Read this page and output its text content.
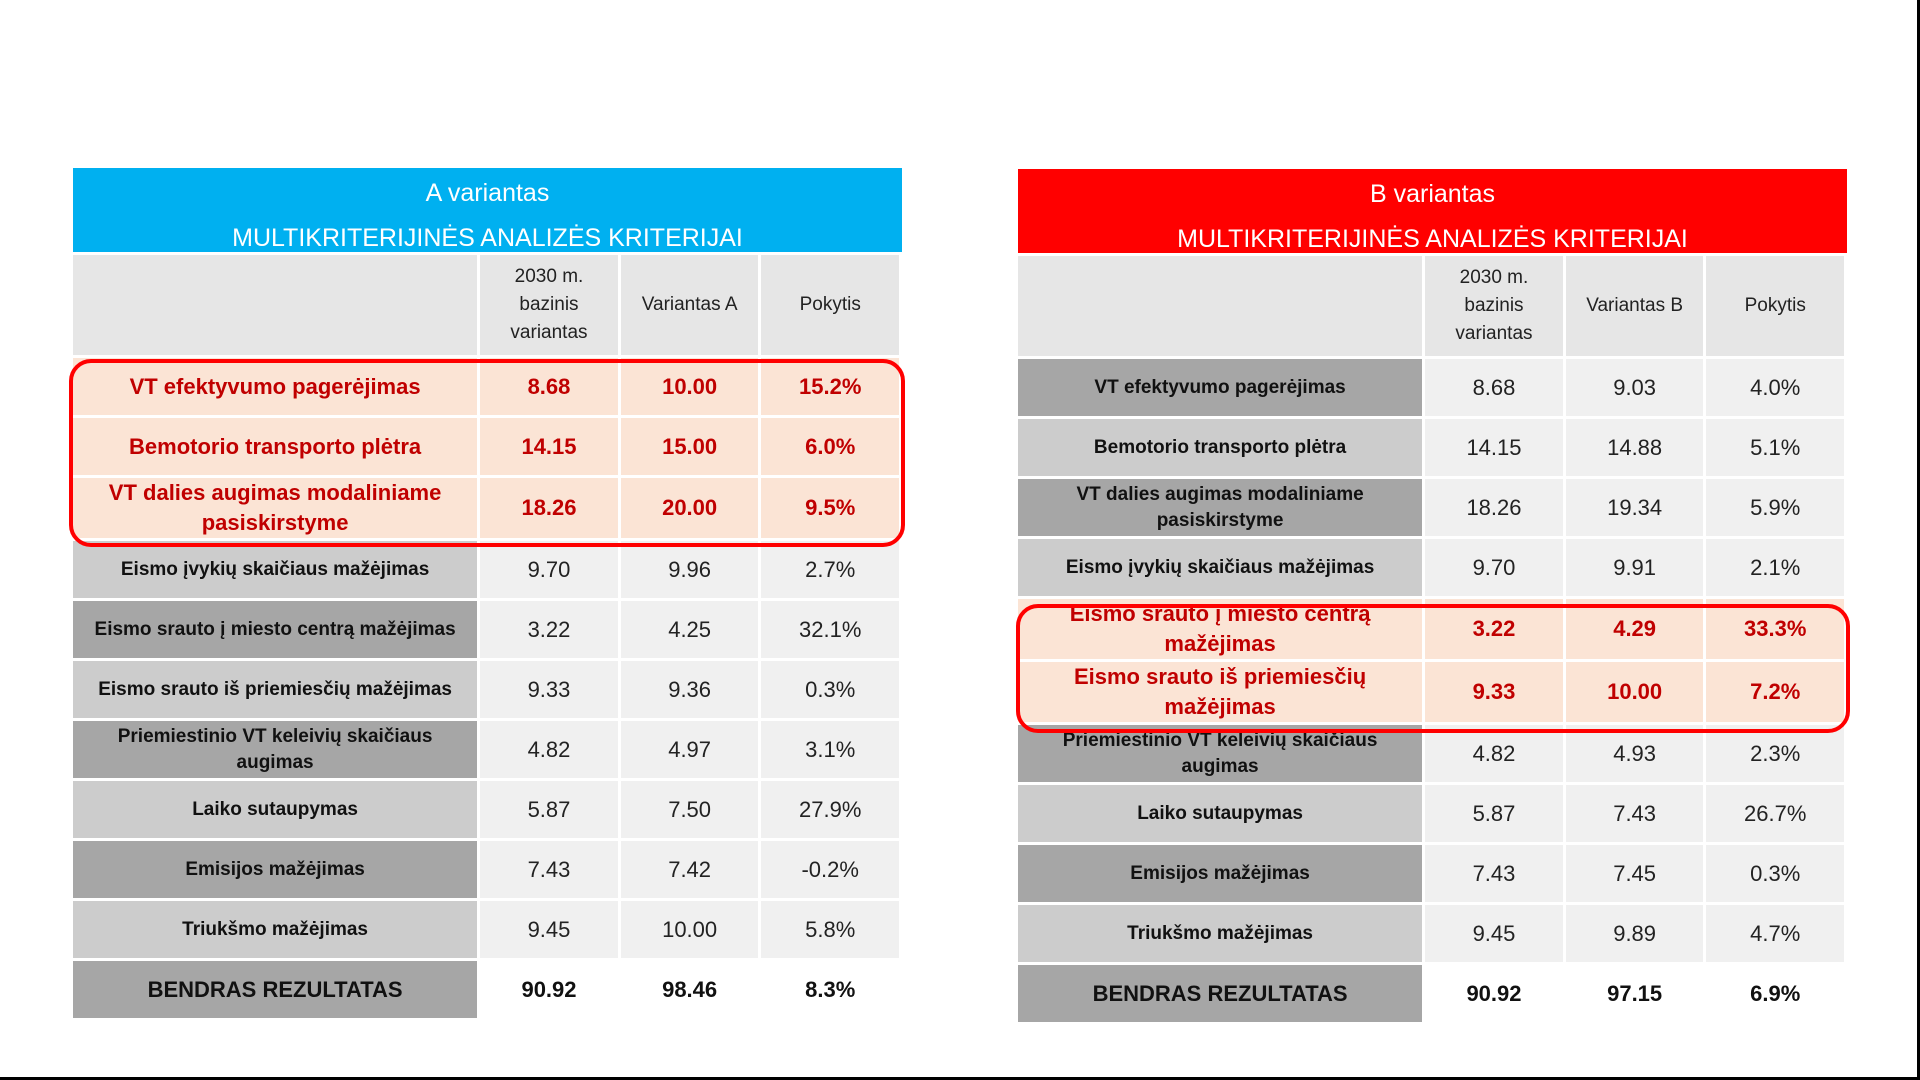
A variantas
MULTIKRITERIJINĖS ANALIZĖS KRITERIJAI
	2030 m. bazinis variantas	Variantas A	Pokytis
VT efektyvumo pagerėjimas	8.68	10.00	15.2%
Bemotorio transporto plėtra	14.15	15.00	6.0%
VT dalies augimas modaliniame pasiskirstyme	18.26	20.00	9.5%
Eismo įvykių skaičiaus mažėjimas	9.70	9.96	2.7%
Eismo srauto į miesto centrą mažėjimas	3.22	4.25	32.1%
Eismo srauto iš priemiesčių mažėjimas	9.33	9.36	0.3%
Priemiestinio VT keleivių skaičiaus augimas	4.82	4.97	3.1%
Laiko sutaupymas	5.87	7.50	27.9%
Emisijos mažėjimas	7.43	7.42	-0.2%
Triukšmo mažėjimas	9.45	10.00	5.8%
BENDRAS REZULTATAS	90.92	98.46	8.3%
B variantas
MULTIKRITERIJINĖS ANALIZĖS KRITERIJAI
	2030 m. bazinis variantas	Variantas B	Pokytis
VT efektyvumo pagerėjimas	8.68	9.03	4.0%
Bemotorio transporto plėtra	14.15	14.88	5.1%
VT dalies augimas modaliniame pasiskirstyme	18.26	19.34	5.9%
Eismo įvykių skaičiaus mažėjimas	9.70	9.91	2.1%
Eismo srauto į miesto centrą mažėjimas	3.22	4.29	33.3%
Eismo srauto iš priemiesčių mažėjimas	9.33	10.00	7.2%
Priemiestinio VT keleivių skaičiaus augimas	4.82	4.93	2.3%
Laiko sutaupymas	5.87	7.43	26.7%
Emisijos mažėjimas	7.43	7.45	0.3%
Triukšmo mažėjimas	9.45	9.89	4.7%
BENDRAS REZULTATAS	90.92	97.15	6.9%
